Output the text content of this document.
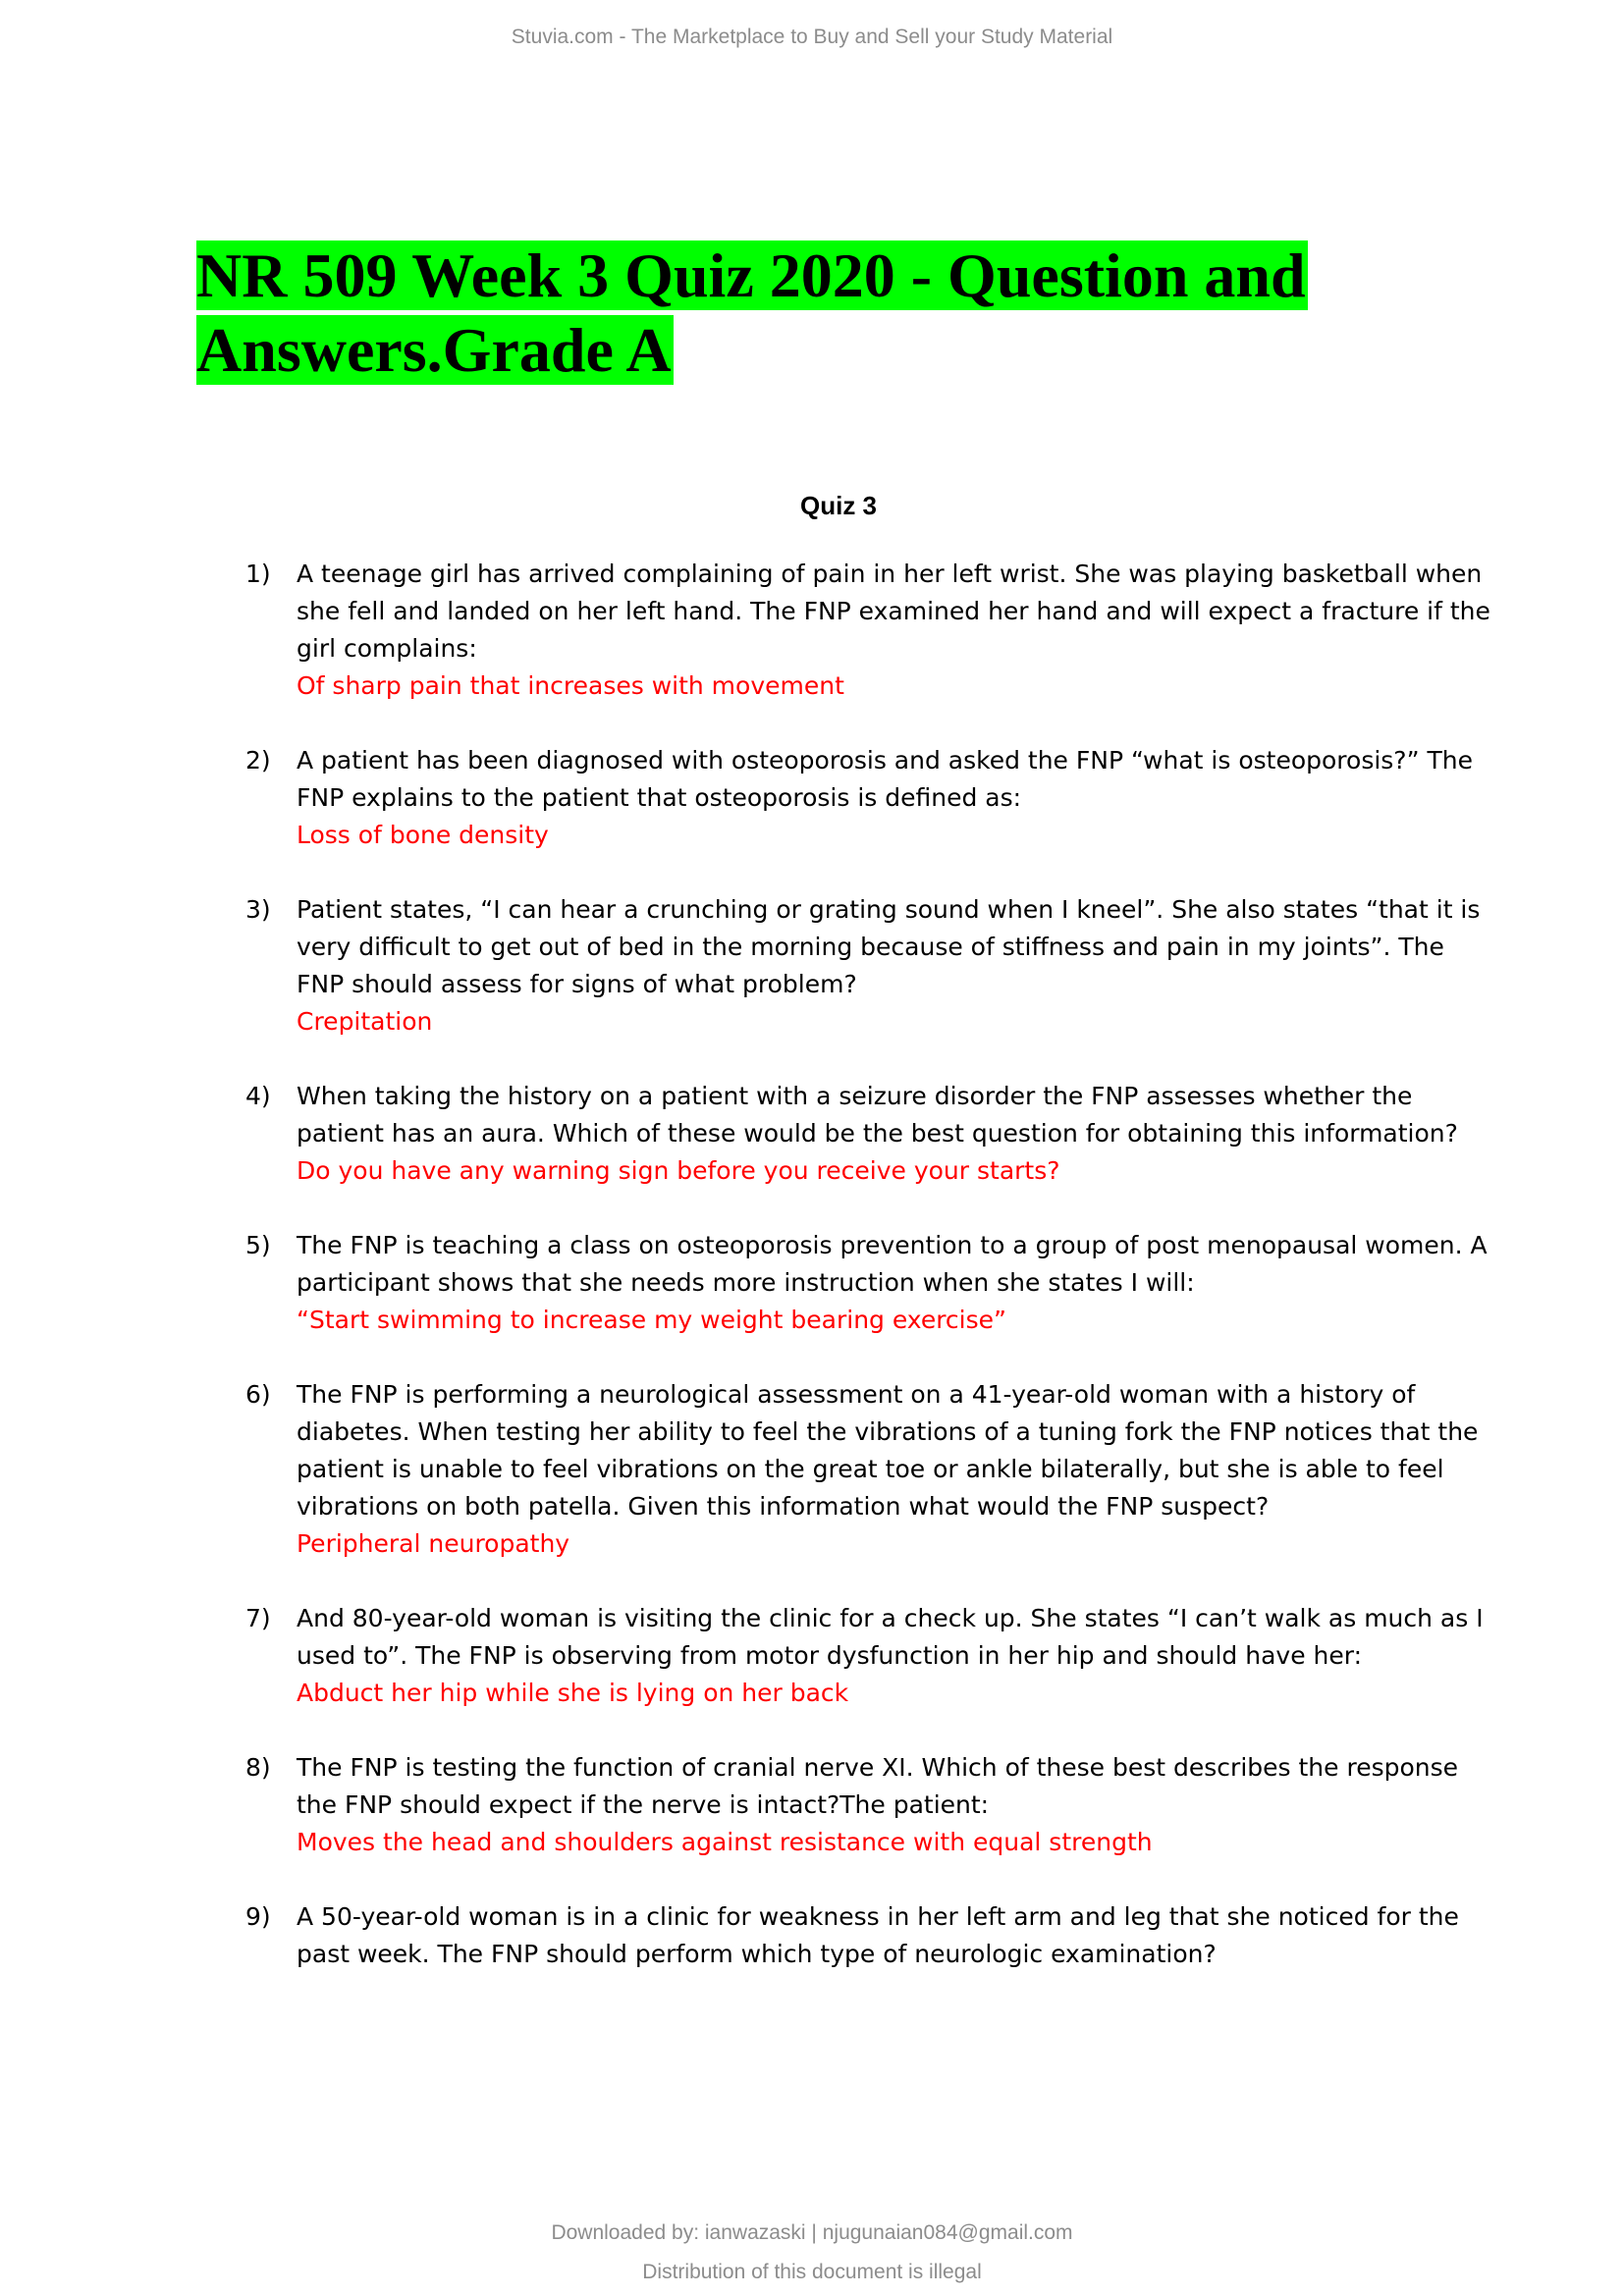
Stuvia.com - The Marketplace to Buy and Sell your Study Material
NR 509 Week 3 Quiz 2020 - Question and
Answers.Grade A
Quiz 3
1) A teenage girl has arrived complaining of pain in her left wrist. She was playing basketball when she fell and landed on her left hand. The FNP examined her hand and will expect a fracture if the girl complains:
Of sharp pain that increases with movement
2) A patient has been diagnosed with osteoporosis and asked the FNP “what is osteoporosis?” The FNP explains to the patient that osteoporosis is defined as:
Loss of bone density
3) Patient states, “I can hear a crunching or grating sound when I kneel”. She also states “that it is very difficult to get out of bed in the morning because of stiffness and pain in my joints”. The FNP should assess for signs of what problem?
Crepitation
4) When taking the history on a patient with a seizure disorder the FNP assesses whether the patient has an aura. Which of these would be the best question for obtaining this information?
Do you have any warning sign before you receive your starts?
5) The FNP is teaching a class on osteoporosis prevention to a group of post menopausal women. A participant shows that she needs more instruction when she states I will:
“Start swimming to increase my weight bearing exercise”
6) The FNP is performing a neurological assessment on a 41-year-old woman with a history of diabetes. When testing her ability to feel the vibrations of a tuning fork the FNP notices that the patient is unable to feel vibrations on the great toe or ankle bilaterally, but she is able to feel vibrations on both patella. Given this information what would the FNP suspect?
Peripheral neuropathy
7) And 80-year-old woman is visiting the clinic for a check up. She states “I can’t walk as much as I used to”. The FNP is observing from motor dysfunction in her hip and should have her:
Abduct her hip while she is lying on her back
8) The FNP is testing the function of cranial nerve XI. Which of these best describes the response the FNP should expect if the nerve is intact?The patient:
Moves the head and shoulders against resistance with equal strength
9) A 50-year-old woman is in a clinic for weakness in her left arm and leg that she noticed for the past week. The FNP should perform which type of neurologic examination?
Downloaded by: ianwazaski | njugunaian084@gmail.com
Distribution of this document is illegal
